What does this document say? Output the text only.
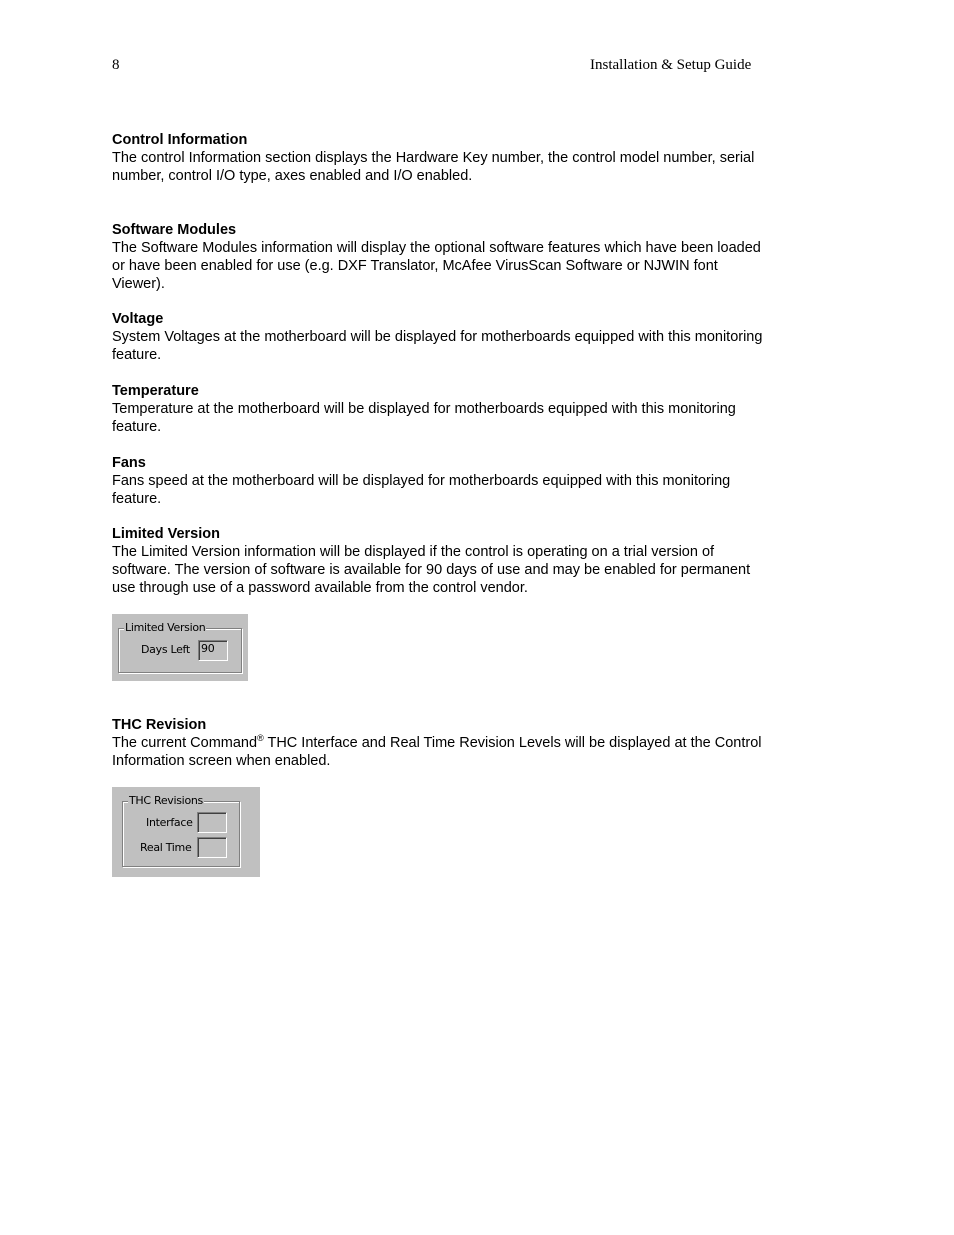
8	Installation & Setup Guide
Control Information

The control Information section displays the Hardware Key number, the control model number, serial
number, control I/O type, axes enabled and I/O enabled.

Software Modules

The Software Modules information will display the optional software features which have been loaded
or have been enabled for use (e.g. DXF Translator, McAfee VirusScan Software or NJWIN font
Viewer).

Voltage

System Voltages at the motherboard will be displayed for motherboards equipped with this monitoring
feature.

Temperature

Temperature at the motherboard will be displayed for motherboards equipped with this monitoring
feature.

Fans

Fans speed at the motherboard will be displayed for motherboards equipped with this monitoring
feature.

Limited Version

The Limited Version information will be displayed if the control is operating on a trial version of
software. The version of software is available for 90 days of use and may be enabled for permanent
use through use of a password available from the control vendor.

Limited Version
Days Left 90
THC Revision

The current Command® THC Interface and Real Time Revision Levels will be displayed at the Control
Information screen when enabled.

THC Revisions
Interface
Real Time
